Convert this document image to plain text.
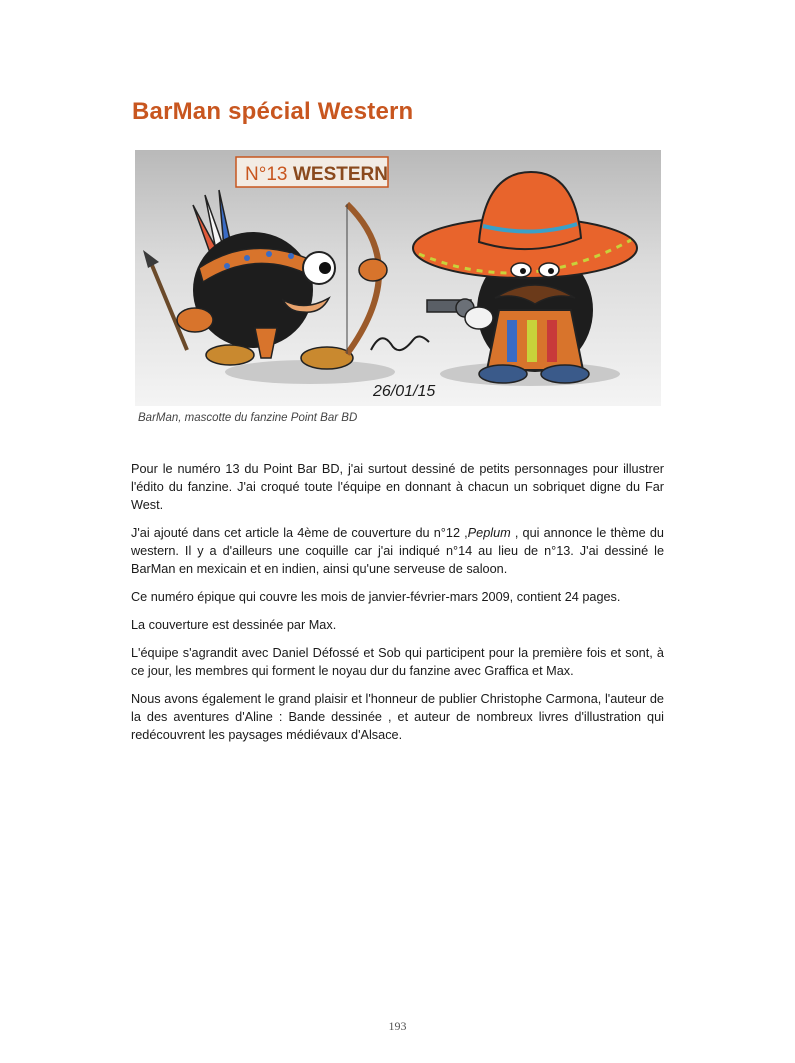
BarMan spécial Western
N°13 WESTERN
26/01/15

BarMan, mascotte du fanzine Point Bar BD

Pour le numéro 13 du Point Bar BD, j'ai surtout dessiné de petits personnages pour illustrer l'édito du fanzine. J'ai croqué toute l'équipe en donnant à chacun un sobriquet digne du Far West.

J'ai ajouté dans cet article la 4ème de couverture du n°12 ,Peplum , qui annonce le thème du western. Il y a d'ailleurs une coquille car j'ai indiqué n°14 au lieu de n°13. J'ai dessiné le BarMan en mexicain et en indien, ainsi qu'une serveuse de saloon.

Ce numéro épique qui couvre les mois de janvier-février-mars 2009, contient 24 pages.

La couverture est dessinée par Max.

L'équipe s'agrandit avec Daniel Défossé et Sob qui participent pour la première fois et sont, à ce jour, les membres qui forment le noyau dur du fanzine avec Graffica et Max.

Nous avons également le grand plaisir et l'honneur de publier Christophe Carmona, l'auteur de la des aventures d'Aline : Bande dessinée , et auteur de nombreux livres d'illustration qui redécouvrent les paysages médiévaux d'Alsace.

193
